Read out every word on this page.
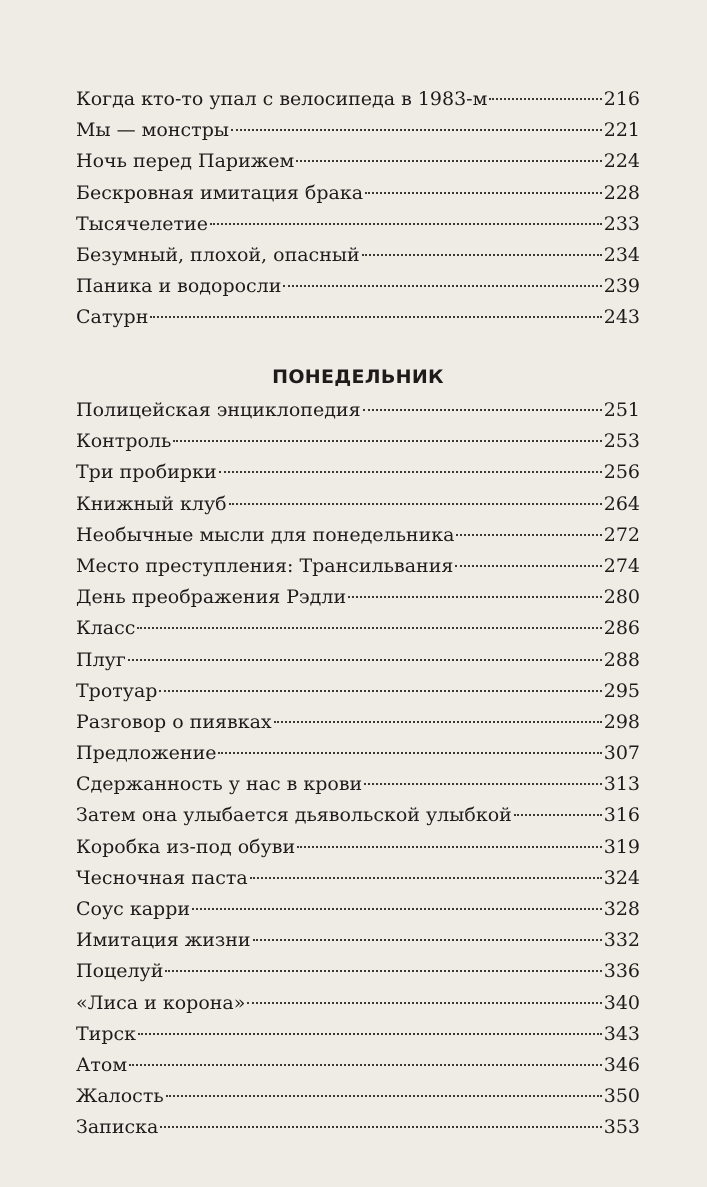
Когда кто-то упал с велосипеда в 1983-м	216
Мы — монстры	221
Ночь перед Парижем	224
Бескровная имитация брака	228
Тысячелетие	233
Безумный, плохой, опасный	234
Паника и водоросли	239
Сатурн	243
ПОНЕДЕЛЬНИК
Полицейская энциклопедия	251
Контроль	253
Три пробирки	256
Книжный клуб	264
Необычные мысли для понедельника	272
Место преступления: Трансильвания	274
День преображения Рэдли	280
Класс	286
Плуг	288
Тротуар	295
Разговор о пиявках	298
Предложение	307
Сдержанность у нас в крови	313
Затем она улыбается дьявольской улыбкой	316
Коробка из-под обуви	319
Чесночная паста	324
Соус карри	328
Имитация жизни	332
Поцелуй	336
«Лиса и корона»	340
Тирск	343
Атом	346
Жалость	350
Записка	353
